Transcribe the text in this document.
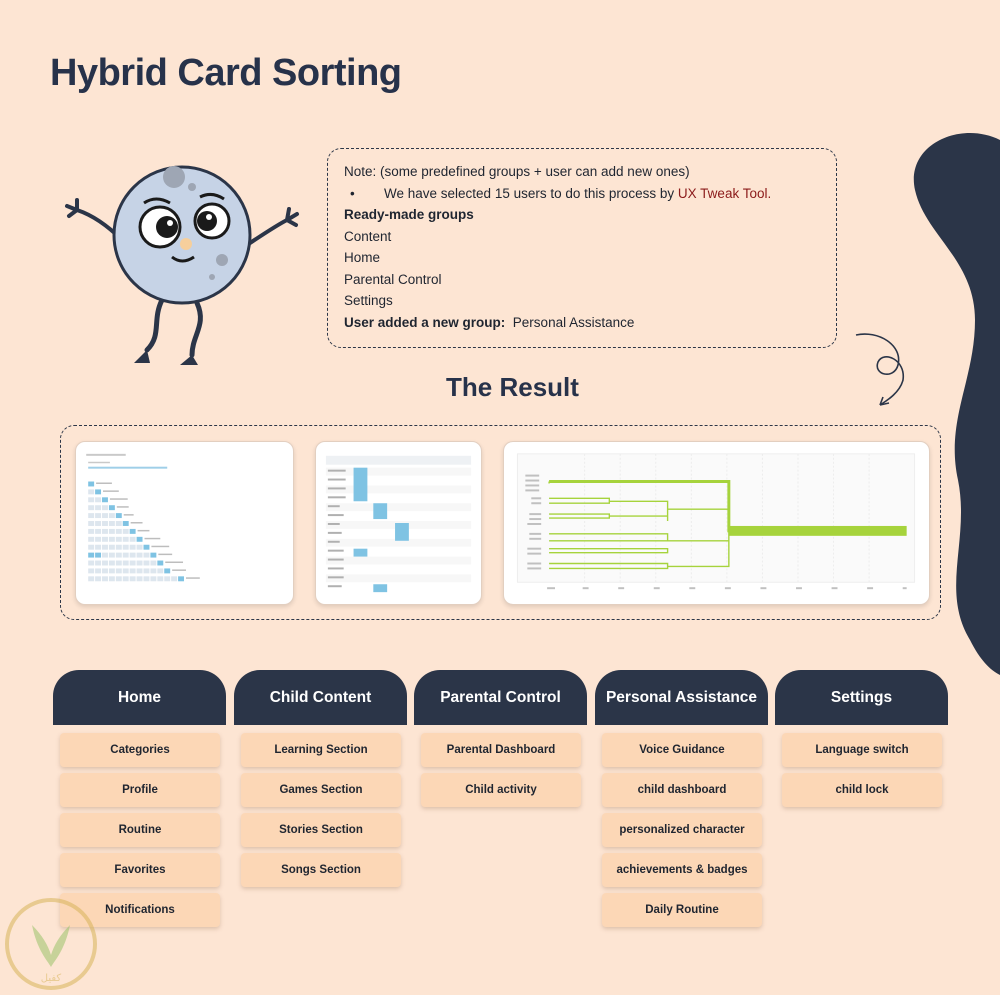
Hybrid Card Sorting
Note: (some predefined groups + user can add new ones)
• We have selected 15 users to do this process by UX Tweak Tool.
Ready-made groups
Content
Home
Parental Control
Settings
User added a new group: Personal Assistance
The Result
Home
Categories
Profile
Routine
Favorites
Notifications
Child Content
Learning Section
Games Section
Stories Section
Songs Section
Parental Control
Parental Dashboard
Child activity
Personal Assistance
Voice Guidance
child dashboard
personalized character
achievements & badges
Daily Routine
Settings
Language switch
child lock
كفيل
